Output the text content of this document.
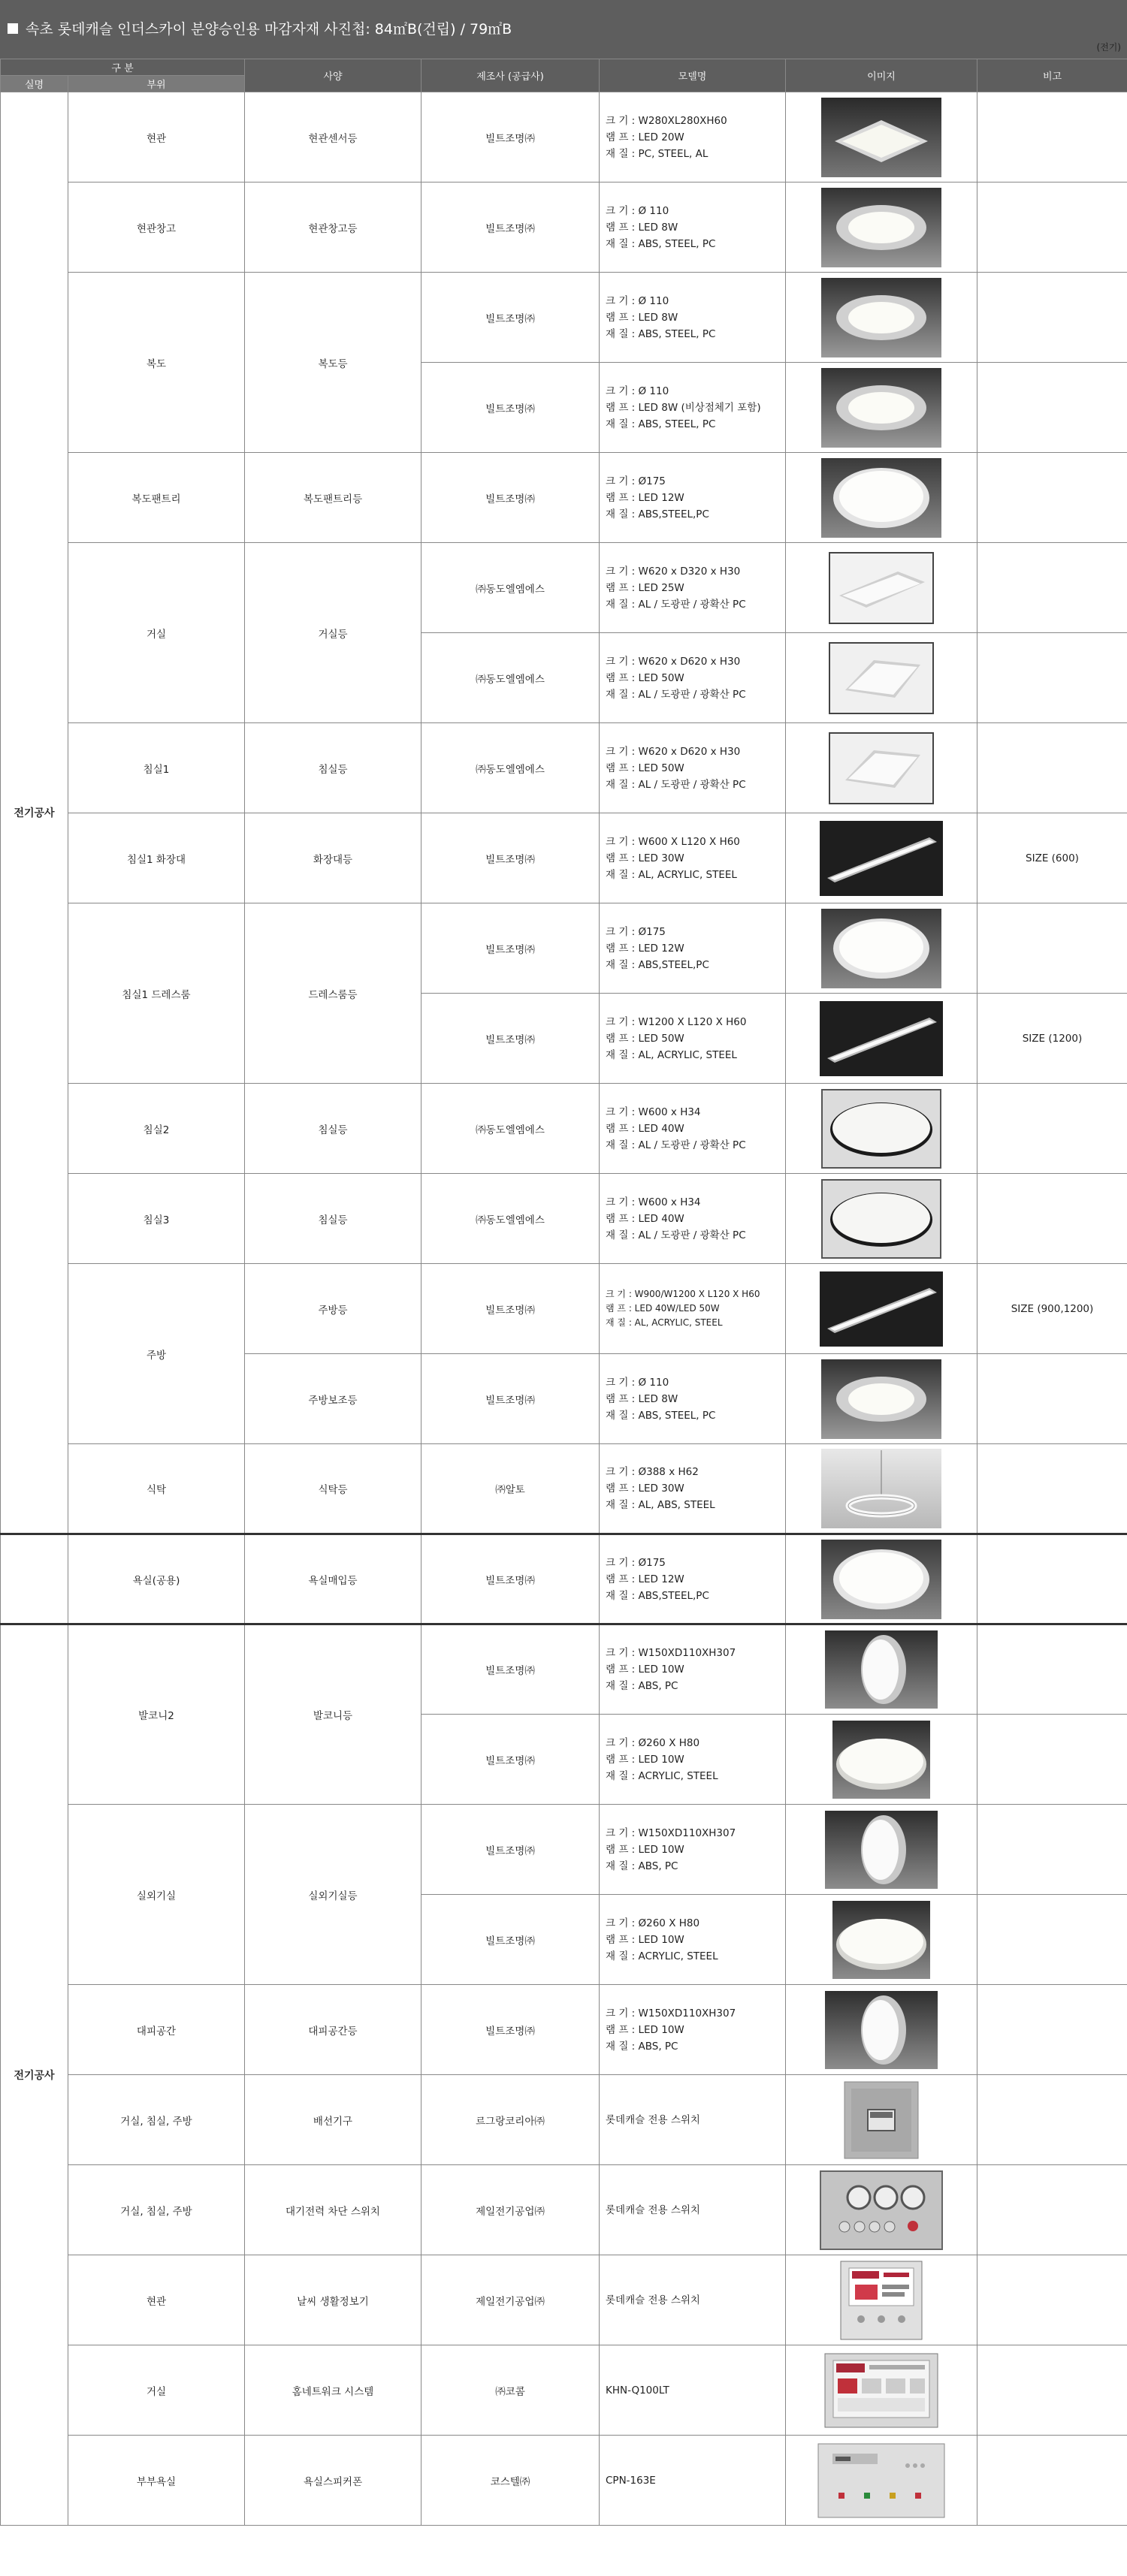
속초 롯데캐슬 인더스카이 분양승인용 마감자재 사진첩: 84㎡B(건립) / 79㎡B
(전기)
구 분		사양	제조사 (공급사)	모델명	이미지	비고
실명	부위					
전기공사	현관	현관센서등	빌트조명㈜	크 기 : W280XL280XH60
램 프 : LED 20W
재 질 : PC, STEEL, AL

	현관창고	현관창고등	빌트조명㈜	크 기 : Ø 110
램 프 : LED 8W
재 질 : ABS, STEEL, PC

	복도	복도등	빌트조명㈜	크 기 : Ø 110
램 프 : LED 8W
재 질 : ABS, STEEL, PC

			빌트조명㈜	크 기 : Ø 110
램 프 : LED 8W (비상점체기 포함)
재 질 : ABS, STEEL, PC

	복도팬트리	복도팬트리등	빌트조명㈜	크 기 : Ø175
램 프 : LED 12W
재 질 : ABS,STEEL,PC

	거실	거실등	㈜동도엘엠에스	크 기 : W620 x D320 x H30
램 프 : LED 25W
재 질 : AL / 도광판 / 광확산 PC

			㈜동도엘엠에스	크 기 : W620 x D620 x H30
램 프 : LED 50W
재 질 : AL / 도광판 / 광확산 PC

	침실1	침실등	㈜동도엘엠에스	크 기 : W620 x D620 x H30
램 프 : LED 50W
재 질 : AL / 도광판 / 광확산 PC

	침실1 화장대	화장대등	빌트조명㈜	크 기 : W600 X L120 X H60
램 프 : LED 30W
재 질 : AL, ACRYLIC, STEEL		SIZE (600)
	침실1 드레스룸	드레스룸등	빌트조명㈜	크 기 : Ø175
램 프 : LED 12W
재 질 : ABS,STEEL,PC

			빌트조명㈜	크 기 : W1200 X L120 X H60
램 프 : LED 50W
재 질 : AL, ACRYLIC, STEEL		SIZE (1200)
	침실2	침실등	㈜동도엘엠에스	크 기 : W600 x H34
램 프 : LED 40W
재 질 : AL / 도광판 / 광확산 PC

	침실3	침실등	㈜동도엘엠에스	크 기 : W600 x H34
램 프 : LED 40W
재 질 : AL / 도광판 / 광확산 PC

	주방	주방등	빌트조명㈜	크 기 : W900/W1200 X L120 X H60
램 프 : LED 40W/LED 50W
재 질 : AL, ACRYLIC, STEEL		SIZE (900,1200)
		주방보조등	빌트조명㈜	크 기 : Ø 110
램 프 : LED 8W
재 질 : ABS, STEEL, PC

	식탁	식탁등	㈜알토	크 기 : Ø388 x H62
램 프 : LED 30W
재 질 : AL, ABS, STEEL

	욕실(공용)	욕실매입등	빌트조명㈜	크 기 : Ø175
램 프 : LED 12W
재 질 : ABS,STEEL,PC

전기공사	발코니2	발코니등	빌트조명㈜	크 기 : W150XD110XH307
램 프 : LED 10W
재 질 : ABS, PC

			빌트조명㈜	크 기 : Ø260 X H80
램 프 : LED 10W
재 질 : ACRYLIC, STEEL

	실외기실	실외기실등	빌트조명㈜	크 기 : W150XD110XH307
램 프 : LED 10W
재 질 : ABS, PC

			빌트조명㈜	크 기 : Ø260 X H80
램 프 : LED 10W
재 질 : ACRYLIC, STEEL

	대피공간	대피공간등	빌트조명㈜	크 기 : W150XD110XH307
램 프 : LED 10W
재 질 : ABS, PC

	거실, 침실, 주방	배선기구	르그랑코리아㈜	롯데캐슬 전용 스위치

	거실, 침실, 주방	대기전력 차단 스위치	제일전기공업㈜	롯데캐슬 전용 스위치

	현관	날씨 생활정보기	제일전기공업㈜	롯데캐슬 전용 스위치

	거실	홈네트워크 시스템	㈜코콤	KHN-Q100LT

	부부욕실	욕실스피커폰	코스텔㈜	CPN-163E
